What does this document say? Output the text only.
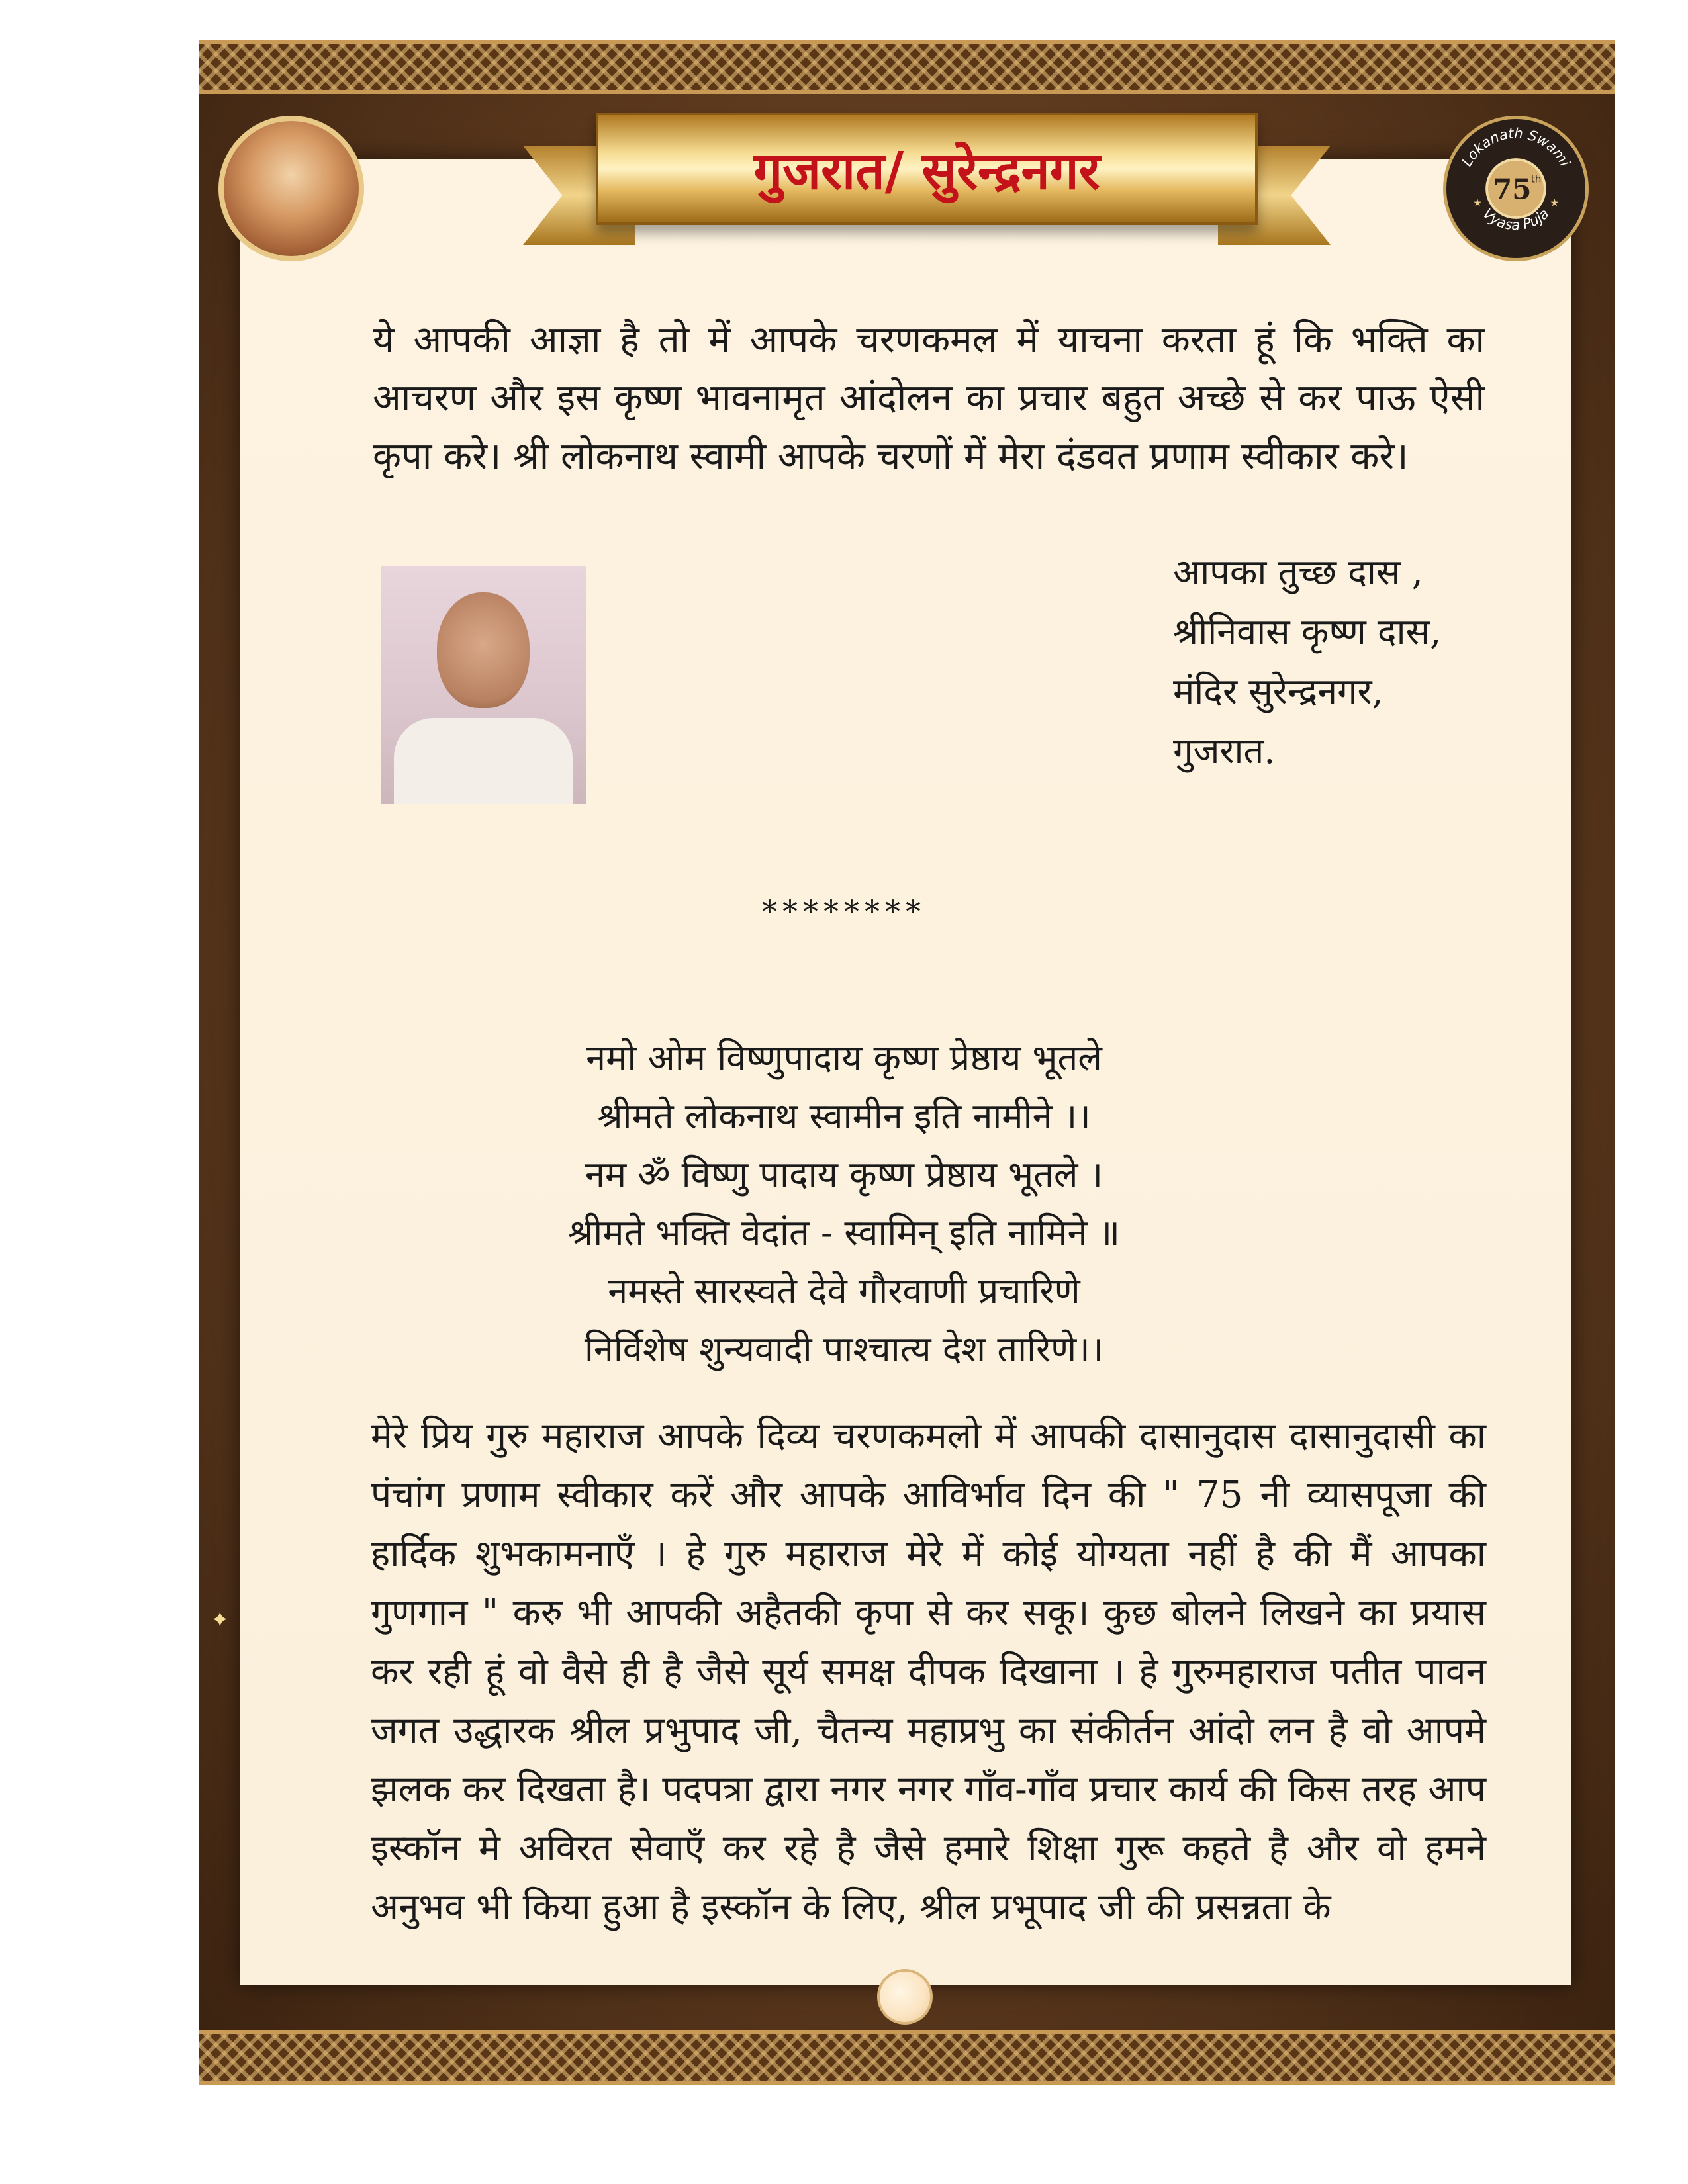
गुजरात/ सुरेन्द्रनगर	Lokanath Swami
Vyasa Puja
75 th
★	★

ये आपकी आज्ञा है तो में आपके चरणकमल में याचना करता हूं कि भक्ति का आचरण और इस कृष्ण भावनामृत आंदोलन का प्रचार बहुत अच्छे से कर पाऊ ऐसी कृपा करे। श्री लोकनाथ स्वामी आपके चरणों में मेरा दंडवत प्रणाम स्वीकार करे।

आपका तुच्छ दास ,
श्रीनिवास कृष्ण दास,
मंदिर सुरेन्द्रनगर,
गुजरात.
********
नमो ओम विष्णुपादाय कृष्ण प्रेष्ठाय भूतले
श्रीमते लोकनाथ स्वामीन इति नामीने ।।
नम ॐ विष्णु पादाय कृष्ण प्रेष्ठाय भूतले ।
श्रीमते भक्ति वेदांत - स्वामिन् इति नामिने ॥
नमस्ते सारस्वते देवे गौरवाणी प्रचारिणे
निर्विशेष शुन्यवादी पाश्चात्य देश तारिणे।।

मेरे प्रिय गुरु महाराज आपके दिव्य चरणकमलो में आपकी दासानुदास दासानुदासी का पंचांग प्रणाम स्वीकार करें और आपके आविर्भाव दिन की " 75 नी व्यासपूजा की हार्दिक शुभकामनाएँ । हे गुरु महाराज मेरे में कोई योग्यता नहीं है की मैं आपका गुणगान " करु भी आपकी अहैतकी कृपा से कर सकू। कुछ बोलने लिखने का प्रयास कर रही हूं वो वैसे ही है जैसे सूर्य समक्ष दीपक दिखाना । हे गुरुमहाराज पतीत पावन जगत उद्धारक श्रील प्रभुपाद जी, चैतन्य महाप्रभु का संकीर्तन आंदो लन है वो आपमे झलक कर दिखता है। पदपत्रा द्वारा नगर नगर गाँव-गाँव प्रचार कार्य की किस तरह आप इस्कॉन मे अविरत सेवाएँ कर रहे है जैसे हमारे शिक्षा गुरू कहते है और वो हमने अनुभव भी किया हुआ है इस्कॉन के लिए, श्रील प्रभूपाद जी की प्रसन्नता के

✦
